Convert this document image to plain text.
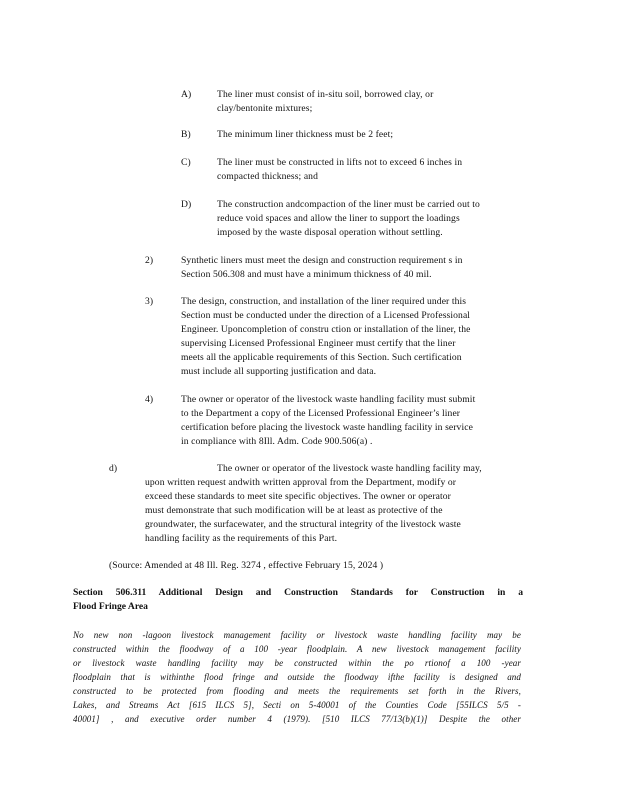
A)	The liner must consist of in-situ soil, borrowed clay, or
clay/bentonite mixtures;
B)	The minimum liner thickness must be 2 feet;
C)	The liner must be constructed in lifts not to exceed 6 inches in
compacted thickness; and
D)	The construction andcompaction of the liner must be carried out to
reduce void spaces and allow the liner to support the loadings
imposed by the waste disposal operation without settling.
2)	Synthetic liners must meet the design and construction requirement s in
Section 506.308 and must have a minimum thickness of 40 mil.
3)	The design, construction, and installation of the liner required under this
Section must be conducted under the direction of a Licensed Professional
Engineer. Uponcompletion of constru ction or installation of the liner, the
supervising Licensed Professional Engineer must certify that the liner
meets all the applicable requirements of this Section. Such certification
must include all supporting justification and data.
4)	The owner or operator of the livestock waste handling facility must submit
to the Department a copy of the Licensed Professional Engineer’s liner
certification before placing the livestock waste handling facility in service
in compliance with 8Ill. Adm. Code 900.506(a) .
d)	The owner or operator of the livestock waste handling facility may,
upon written request andwith written approval from the Department, modify or
exceed these standards to meet site specific objectives. The owner or operator
must demonstrate that such modification will be at least as protective of the
groundwater, the surfacewater, and the structural integrity of the livestock waste
handling facility as the requirements of this Part.
(Source: Amended at 48 Ill. Reg. 3274 , effective February 15, 2024 )
Section 506.311 Additional Design and Construction Standards for Construction in a
Flood Fringe Area
No new non -lagoon livestock management facility or livestock waste handling facility may be
constructed within the floodway of a 100 -year floodplain. A new livestock management facility
or livestock waste handling facility may be constructed within the po rtionof a 100 -year
floodplain that is withinthe flood fringe and outside the floodway ifthe facility is designed and
constructed to be protected from flooding and meets the requirements set forth in the Rivers,
Lakes, and Streams Act [615 ILCS 5], Secti on 5-40001 of the Counties Code [55ILCS 5/5 -
40001] , and executive order number 4 (1979). [510 ILCS 77/13(b)(1)] Despite the other
